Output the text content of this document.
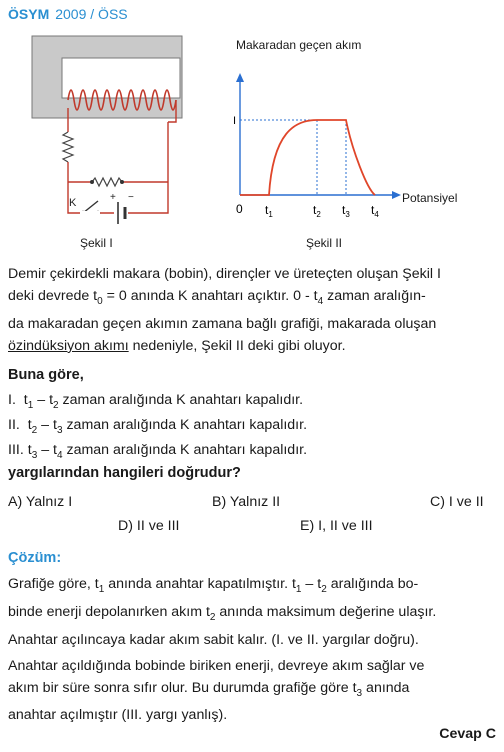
ÖSYM 2009 / ÖSS
K	+ −
Şekil I
Makaradan geçen akım
I
0 $t_1$	$t_2$ $t_3$ $t_4$
Potansiyel
Şekil II

Demir çekirdekli makara (bobin), dirençler ve üreteçten oluşan Şekil I

deki devrede $t_0 = 0$ anında K anahtarı açıktır. $0 - t_4$ zaman aralığın-

da makaradan geçen akımın zamana bağlı grafiği, makarada oluşan

özindüksiyon akımı nedeniyle, Şekil II deki gibi oluyor.

Buna göre,
I. $t_1 - t_2$ zaman aralığında K anahtarı kapalıdır.
II. $t_2 - t_3$ zaman aralığında K anahtarı kapalıdır.
III. $t_3 - t_4$ zaman aralığında K anahtarı kapalıdır.
yargılarından hangileri doğrudur?
A) Yalnız I	B) Yalnız II	C) I ve II
D) II ve III	E) I, II ve III
Çözüm:

Grafiğe göre, $t_1$ anında anahtar kapatılmıştır. $t_1 - t_2$ aralığında bo-

binde enerji depolanırken akım $t_2$ anında maksimum değerine ulaşır.

Anahtar açılıncaya kadar akım sabit kalır. (I. ve II. yargılar doğru).

Anahtar açıldığında bobinde biriken enerji, devreye akım sağlar ve

akım bir süre sonra sıfır olur. Bu durumda grafiğe göre $t_3$ anında

anahtar açılmıştır (III. yargı yanlış).

Cevap C
